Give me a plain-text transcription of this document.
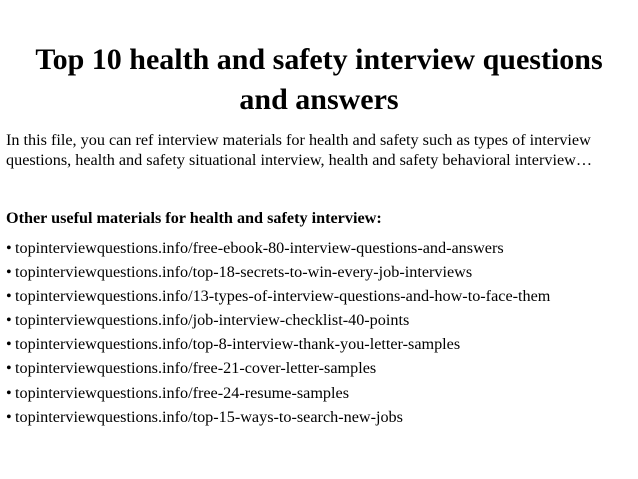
Top 10 health and safety interview questions and answers
In this file, you can ref interview materials for health and safety such as types of interview questions, health and safety situational interview, health and safety behavioral interview…
Other useful materials for health and safety interview:
• topinterviewquestions.info/free-ebook-80-interview-questions-and-answers
• topinterviewquestions.info/top-18-secrets-to-win-every-job-interviews
• topinterviewquestions.info/13-types-of-interview-questions-and-how-to-face-them
• topinterviewquestions.info/job-interview-checklist-40-points
• topinterviewquestions.info/top-8-interview-thank-you-letter-samples
• topinterviewquestions.info/free-21-cover-letter-samples
• topinterviewquestions.info/free-24-resume-samples
• topinterviewquestions.info/top-15-ways-to-search-new-jobs
